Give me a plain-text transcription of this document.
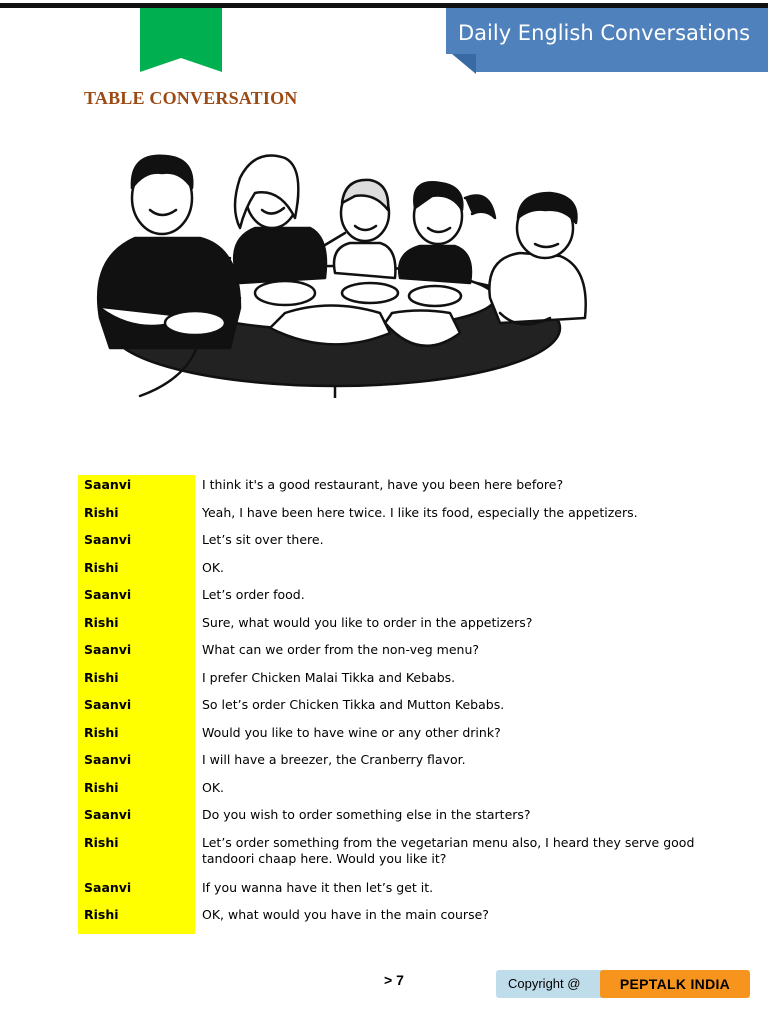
Daily English Conversations
TABLE CONVERSATION
Saanvi	I think it's a good restaurant, have you been here before?
Rishi	Yeah, I have been here twice. I like its food, especially the appetizers.
Saanvi	Let’s sit over there.
Rishi	OK.
Saanvi	Let’s order food.
Rishi	Sure, what would you like to order in the appetizers?
Saanvi	What can we order from the non-veg menu?
Rishi	I prefer Chicken Malai Tikka and Kebabs.
Saanvi	So let’s order Chicken Tikka and Mutton Kebabs.
Rishi	Would you like to have wine or any other drink?
Saanvi	I will have a breezer, the Cranberry flavor.
Rishi	OK.
Saanvi	Do you wish to order something else in the starters?
Rishi	Let’s order something from the vegetarian menu also, I heard they serve good tandoori chaap here. Would you like it?
Saanvi	If you wanna have it then let’s get it.
Rishi	OK, what would you have in the main course?
> 7	Copyright @	PEPTALK INDIA
